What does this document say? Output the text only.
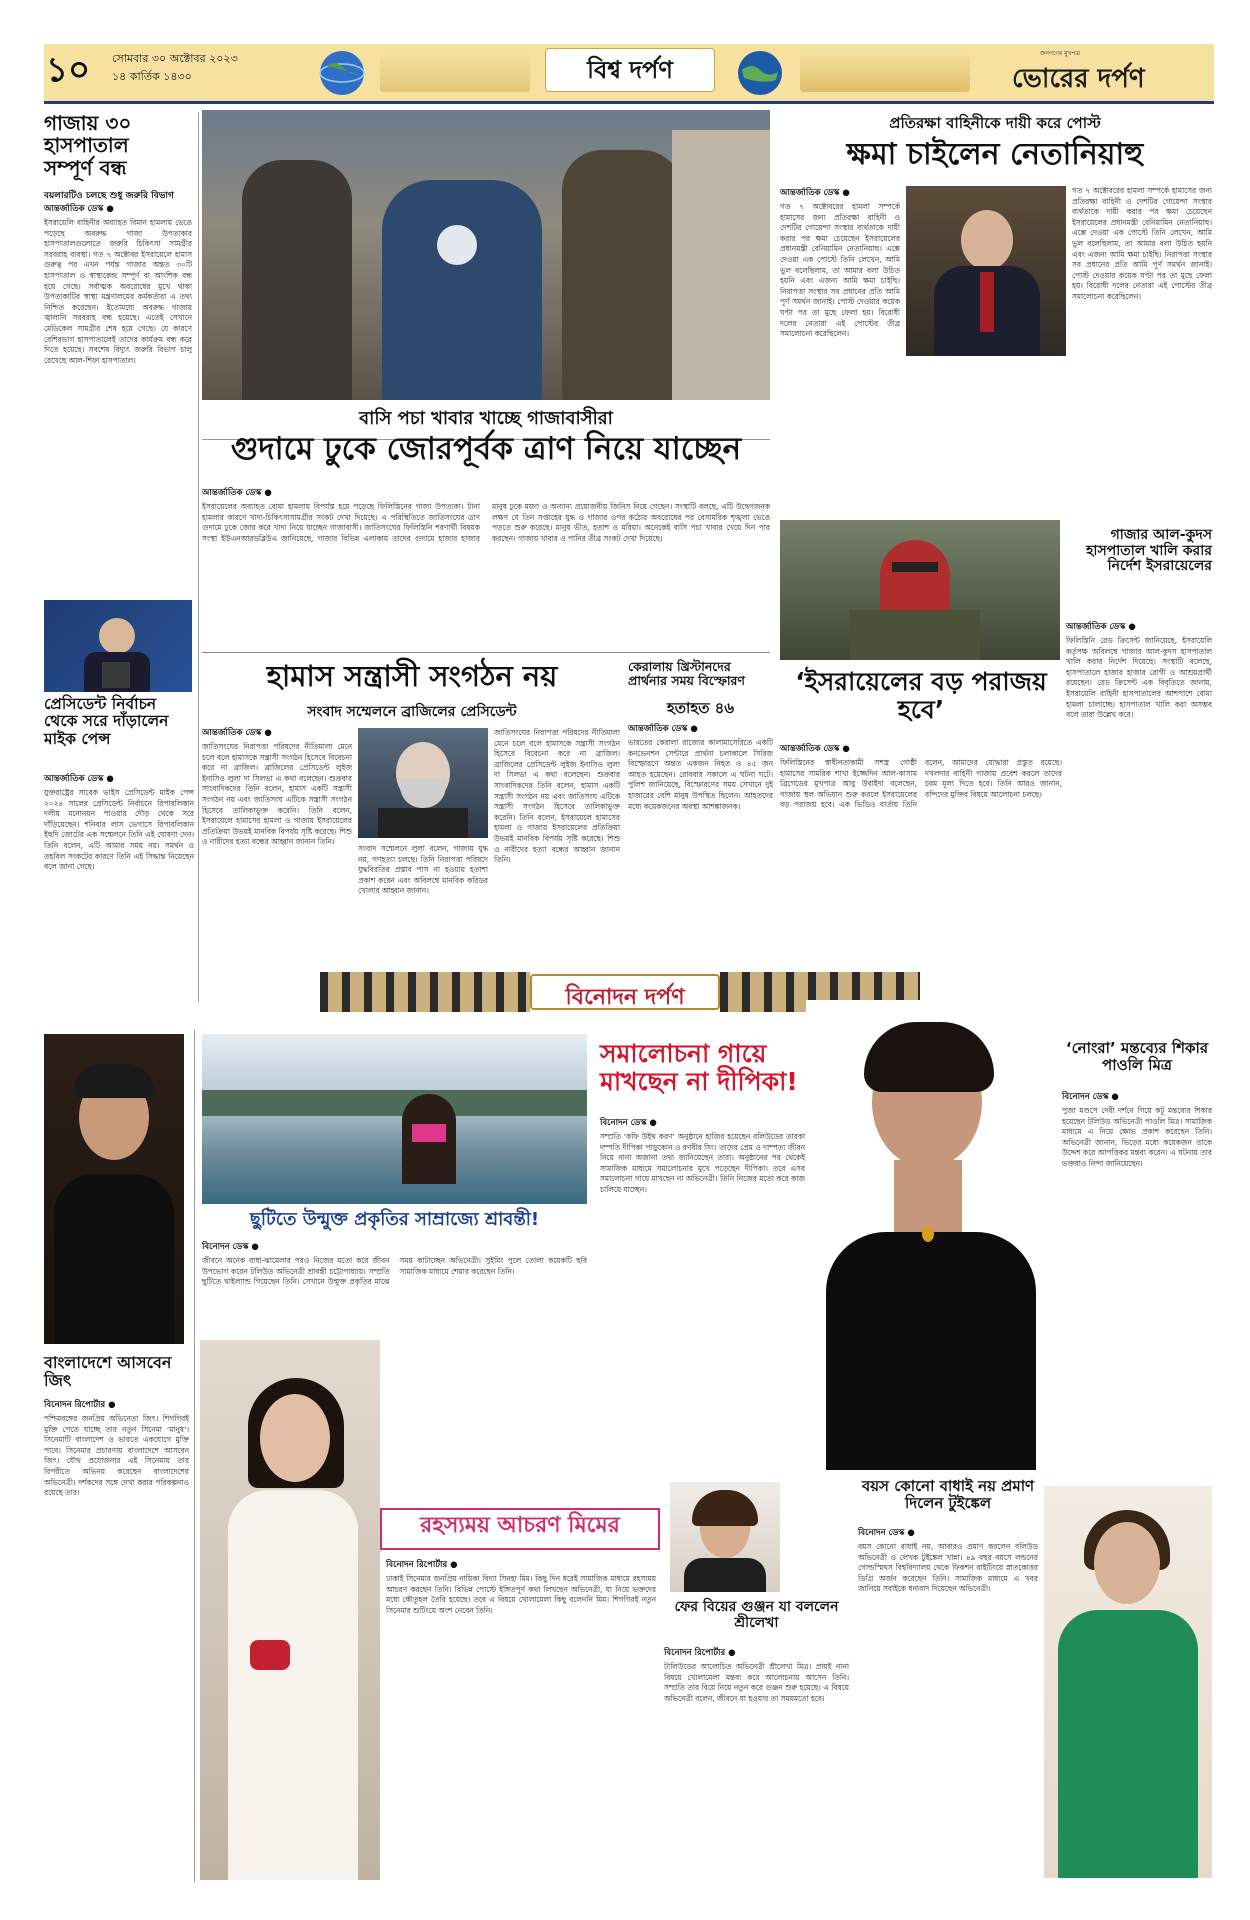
১০ সোমবার ৩০ অক্টোবর ২০২৩
১৪ কার্তিক ১৪৩০	বিশ্ব দর্পণ
জনগণের মুখপত্র
ভোরের দর্পণ
গাজায় ৩০ হাসপাতাল সম্পূর্ণ বন্ধ
বয়লারটিও চলছে শুধু জরুরি বিভাগ
আন্তর্জাতিক ডেস্ক ●
ইসরায়েলি বাহিনীর অব্যাহত বিমান হামলায় ভেঙে পড়েছে অবরুদ্ধ গাজা উপত্যকার হাসপাতালগুলোতে জরুরি চিকিৎসা সামগ্রীর সরবরাহ ব্যবস্থা। গত ৭ অক্টোবর ইসরায়েলে হামাস গুরুত্ব পর এখন পর্যন্ত গাজার অন্তত ৩০টি হাসপাতাল ও স্বাস্থ্যকেন্দ্র সম্পূর্ণ বা আংশিক বন্ধ হয়ে গেছে। সর্বাত্মক অবরোধের মুখে থাকা উপত্যকাটির স্বাস্থ্য মন্ত্রণালয়ের কর্মকর্তারা এ তথ্য নিশ্চিত করেছেন। ইতোমধ্যে অবরুদ্ধ গাজায় জ্বালানি সরবরাহ বন্ধ হয়েছে। এতেই সেখানে মেডিকেল সামগ্রীর শেষ হয়ে গেছে। যে কারণে বেশিরভাগ হাসপাতালেই তাদের কার্যক্রম বন্ধ করে দিতে হয়েছে। সবশেষ বিদ্যুৎ জরুরি বিভাগ চালু রেখেছে আল-শিফা হাসপাতাল।
প্রেসিডেন্ট নির্বাচন থেকে সরে দাঁড়ালেন মাইক পেন্স
আন্তর্জাতিক ডেস্ক ●
যুক্তরাষ্ট্রের সাবেক ভাইস প্রেসিডেন্ট মাইক পেন্স ২০২৪ সালের প্রেসিডেন্ট নির্বাচনে রিপাবলিকান দলীয় মনোনয়ন পাওয়ার দৌড় থেকে সরে দাঁড়িয়েছেন। শনিবার লাস ভেগাসে রিপাবলিকান ইহুদি জোটের এক সম্মেলনে তিনি এই ঘোষণা দেন। তিনি বলেন, এটি আমার সময় নয়। সমর্থন ও তহবিল সংকটের কারণে তিনি এই সিদ্ধান্ত নিয়েছেন বলে জানা গেছে।
বাসি পচা খাবার খাচ্ছে গাজাবাসীরা
গুদামে ঢুকে জোরপূর্বক ত্রাণ নিয়ে যাচ্ছেন
আন্তর্জাতিক ডেস্ক ●
ইসরায়েলের অব্যাহত বোমা হামলায় বিপর্যস্ত হয়ে পড়েছে ফিলিস্তিনের গাজা উপত্যকা। টানা হামলার কারণে খাদ্য-চিকিৎসাসামগ্রীর সংকট দেখা দিয়েছে। এ পরিস্থিতিতে জাতিসংঘের ত্রাণ গুদামে ঢুকে জোর করে খাদ্য নিয়ে যাচ্ছেন গাজাবাসী। জাতিসংঘের ফিলিস্তিনি শরণার্থী বিষয়ক সংস্থা ইউএনআরডব্লিউএ জানিয়েছে, গাজার বিভিন্ন এলাকায় তাদের গুদামে হাজার হাজার মানুষ ঢুকে ময়দা ও অন্যান্য প্রয়োজনীয় জিনিস নিয়ে গেছেন। সংস্থাটি বলছে, এটি উদ্বেগজনক লক্ষণ যে তিন সপ্তাহের যুদ্ধ ও গাজার ওপর কঠোর অবরোধের পর বেসামরিক শৃঙ্খলা ভেঙে পড়তে শুরু করেছে। মানুষ ভীত, হতাশ ও মরিয়া। অনেকেই বাসি পচা খাবার খেয়ে দিন পার করছেন। গাজায় খাবার ও পানির তীব্র সংকট দেখা দিয়েছে।
প্রতিরক্ষা বাহিনীকে দায়ী করে পোস্ট
ক্ষমা চাইলেন নেতানিয়াহু
আন্তর্জাতিক ডেস্ক ●
গত ৭ অক্টোবরের হামলা সম্পর্কে হামাসের জন্য প্রতিরক্ষা বাহিনী ও দেশটির গোয়েন্দা সংস্থার ব্যর্থতাকে দায়ী করার পর ক্ষমা চেয়েছেন ইসরায়েলের প্রধানমন্ত্রী বেনিয়ামিন নেতানিয়াহু। এক্সে দেওয়া এক পোস্টে তিনি লেখেন, আমি ভুল বলেছিলাম, তা আমার বলা উচিত হয়নি এবং এজন্য আমি ক্ষমা চাইছি। নিরাপত্তা সংস্থার সব প্রধানের প্রতি আমি পূর্ণ সমর্থন জানাই। পোস্ট দেওয়ার কয়েক ঘণ্টা পর তা মুছে ফেলা হয়। বিরোধী দলের নেতারা এই পোস্টের তীব্র সমালোচনা করেছিলেন।
গত ৭ অক্টোবরের হামলা সম্পর্কে হামাসের জন্য প্রতিরক্ষা বাহিনী ও দেশটির গোয়েন্দা সংস্থার ব্যর্থতাকে দায়ী করার পর ক্ষমা চেয়েছেন ইসরায়েলের প্রধানমন্ত্রী বেনিয়ামিন নেতানিয়াহু। এক্সে দেওয়া এক পোস্টে তিনি লেখেন, আমি ভুল বলেছিলাম, তা আমার বলা উচিত হয়নি এবং এজন্য আমি ক্ষমা চাইছি। নিরাপত্তা সংস্থার সব প্রধানের প্রতি আমি পূর্ণ সমর্থন জানাই। পোস্ট দেওয়ার কয়েক ঘণ্টা পর তা মুছে ফেলা হয়। বিরোধী দলের নেতারা এই পোস্টের তীব্র সমালোচনা করেছিলেন।
গাজার আল-কুদস হাসপাতাল খালি করার নির্দেশ ইসরায়েলের
আন্তর্জাতিক ডেস্ক ●
ফিলিস্তিনি রেড ক্রিসেন্ট জানিয়েছে, ইসরায়েলি কর্তৃপক্ষ অবিলম্বে গাজার আল-কুদস হাসপাতাল খালি করার নির্দেশ দিয়েছে। সংস্থাটি বলেছে, হাসপাতালে হাজার হাজার রোগী ও আশ্রয়প্রার্থী রয়েছেন। রেড ক্রিসেন্ট এক বিবৃতিতে জানায়, ইসরায়েলি বাহিনী হাসপাতালের আশপাশে বোমা হামলা চালাচ্ছে। হাসপাতাল খালি করা অসম্ভব বলে তারা উল্লেখ করে।
হামাস সন্ত্রাসী সংগঠন নয়
সংবাদ সম্মেলনে ব্রাজিলের প্রেসিডেন্ট
আন্তর্জাতিক ডেস্ক ●
জাতিসংঘের নিরাপত্তা পরিষদের নীতিমালা মেনে চলে বলে হামাসকে সন্ত্রাসী সংগঠন হিসেবে বিবেচনা করে না ব্রাজিল। ব্রাজিলের প্রেসিডেন্ট লুইজ ইনাসিও লুলা দা সিলভা এ কথা বলেছেন। শুক্রবার সাংবাদিকদের তিনি বলেন, হামাস একটি সন্ত্রাসী সংগঠন নয় এবং জাতিসংঘ এটিকে সন্ত্রাসী সংগঠন হিসেবে তালিকাভুক্ত করেনি। তিনি বলেন, ইসরায়েলে হামাসের হামলা ও গাজায় ইসরায়েলের প্রতিক্রিয়া উভয়ই মানবিক বিপর্যয় সৃষ্টি করেছে। শিশু ও নারীদের হত্যা বন্ধের আহ্বান জানান তিনি।
সংবাদ সম্মেলনে লুলা বলেন, গাজায় যুদ্ধ নয়, গণহত্যা চলছে। তিনি নিরাপত্তা পরিষদে যুদ্ধবিরতির প্রস্তাব পাস না হওয়ায় হতাশা প্রকাশ করেন এবং অবিলম্বে মানবিক করিডর খোলার আহ্বান জানান।
জাতিসংঘের নিরাপত্তা পরিষদের নীতিমালা মেনে চলে বলে হামাসকে সন্ত্রাসী সংগঠন হিসেবে বিবেচনা করে না ব্রাজিল। ব্রাজিলের প্রেসিডেন্ট লুইজ ইনাসিও লুলা দা সিলভা এ কথা বলেছেন। শুক্রবার সাংবাদিকদের তিনি বলেন, হামাস একটি সন্ত্রাসী সংগঠন নয় এবং জাতিসংঘ এটিকে সন্ত্রাসী সংগঠন হিসেবে তালিকাভুক্ত করেনি। তিনি বলেন, ইসরায়েলে হামাসের হামলা ও গাজায় ইসরায়েলের প্রতিক্রিয়া উভয়ই মানবিক বিপর্যয় সৃষ্টি করেছে। শিশু ও নারীদের হত্যা বন্ধের আহ্বান জানান তিনি।
কেরালায় খ্রিস্টানদের প্রার্থনার সময় বিস্ফোরণ
হতাহত ৪৬
আন্তর্জাতিক ডেস্ক ●
ভারতের কেরালা রাজ্যের কালামাসেরিতে একটি কনভেনশন সেন্টারে প্রার্থনা চলাকালে সিরিজ বিস্ফোরণে অন্তত একজন নিহত ও ৪৫ জন আহত হয়েছেন। রোববার সকালে এ ঘটনা ঘটে। পুলিশ জানিয়েছে, বিস্ফোরণের সময় সেখানে দুই হাজারের বেশি মানুষ উপস্থিত ছিলেন। আহতদের মধ্যে কয়েকজনের অবস্থা আশঙ্কাজনক।
‘ইসরায়েলের বড় পরাজয় হবে’
আন্তর্জাতিক ডেস্ক ●
ফিলিস্তিনের স্বাধীনতাকামী সশস্ত্র গোষ্ঠী হামাসের সামরিক শাখা ইজ্জেদিন আল-কাসাম ব্রিগেডের মুখপাত্র আবু উবাইদা বলেছেন, গাজায় স্থল অভিযান শুরু করলে ইসরায়েলের বড় পরাজয় হবে। এক ভিডিও বার্তায় তিনি বলেন, আমাদের যোদ্ধারা প্রস্তুত রয়েছে। দখলদার বাহিনী গাজায় প্রবেশ করলে তাদের চরম মূল্য দিতে হবে। তিনি আরও জানান, বন্দিদের মুক্তির বিষয়ে আলোচনা চলছে।
বিনোদন দর্পণ
বাংলাদেশে আসবেন জিৎ
বিনোদন রিপোর্টার ●
পশ্চিমবঙ্গের জনপ্রিয় অভিনেতা জিৎ। শিগগিরই মুক্তি পেতে যাচ্ছে তার নতুন সিনেমা ‘মানুষ’। সিনেমাটি বাংলাদেশ ও ভারতে একযোগে মুক্তি পাবে। সিনেমার প্রচারণায় বাংলাদেশে আসবেন জিৎ। যৌথ প্রযোজনার এই সিনেমায় তার বিপরীতে অভিনয় করেছেন বাংলাদেশের অভিনেত্রী। দর্শকদের সঙ্গে দেখা করার পরিকল্পনাও রয়েছে তার।
ছুটিতে উন্মুক্ত প্রকৃতির সাম্রাজ্যে শ্রাবন্তী!
বিনোদন ডেস্ক ●
জীবনে অনেক বাধা-ঝামেলার পরও নিজের মতো করে জীবন উপভোগ করেন টলিউড অভিনেত্রী শ্রাবন্তী চট্টোপাধ্যায়। সম্প্রতি ছুটিতে থাইল্যান্ড গিয়েছেন তিনি। সেখানে উন্মুক্ত প্রকৃতির মাঝে সময় কাটাচ্ছেন অভিনেত্রী। সুইমিং পুলে তোলা কয়েকটি ছবি সামাজিক মাধ্যমে শেয়ার করেছেন তিনি।
সমালোচনা গায়ে মাখছেন না দীপিকা!
বিনোদন ডেস্ক ●
সম্প্রতি ‘কফি উইথ করণ’ অনুষ্ঠানে হাজির হয়েছেন বলিউডের তারকা দম্পতি দীপিকা পাড়ুকোন ও রণবীর সিং। তাদের প্রেম ও দাম্পত্য জীবন নিয়ে নানা অজানা তথ্য জানিয়েছেন তারা। অনুষ্ঠানের পর থেকেই সামাজিক মাধ্যমে সমালোচনার মুখে পড়েছেন দীপিকা। তবে এসব সমালোচনা গায়ে মাখছেন না অভিনেত্রী। তিনি নিজের মতো করে কাজ চালিয়ে যাচ্ছেন।
‘নোংরা’ মন্তব্যের শিকার পাওলি মিত্র
বিনোদন ডেস্ক ●
পুজা মণ্ডপে দেবী দর্শনে গিয়ে কটূ মন্তব্যের শিকার হয়েছেন টলিউড অভিনেত্রী পাওলি মিত্র। সামাজিক মাধ্যমে এ নিয়ে ক্ষোভ প্রকাশ করেছেন তিনি। অভিনেত্রী জানান, ভিড়ের মধ্যে কয়েকজন তাকে উদ্দেশ করে আপত্তিকর মন্তব্য করেন। এ ঘটনায় তার ভক্তরাও নিন্দা জানিয়েছেন।
রহস্যময় আচরণ মিমের
বিনোদন রিপোর্টার ●
ঢাকাই সিনেমার জনপ্রিয় নায়িকা বিদ্যা সিনহা মিম। কিছু দিন ধরেই সামাজিক মাধ্যমে রহস্যময় আচরণ করছেন তিনি। বিভিন্ন পোস্টে ইঙ্গিতপূর্ণ কথা লিখছেন অভিনেত্রী, যা নিয়ে ভক্তদের মধ্যে কৌতূহল তৈরি হয়েছে। তবে এ বিষয়ে খোলামেলা কিছু বলেননি মিম। শিগগিরই নতুন সিনেমার শুটিংয়ে অংশ নেবেন তিনি।	ফের বিয়ের গুঞ্জন যা বললেন শ্রীলেখা
বিনোদন রিপোর্টার ●
টালিউডের আলোচিত অভিনেত্রী শ্রীলেখা মিত্র। প্রায়ই নানা বিষয়ে খোলামেলা মন্তব্য করে আলোচনায় আসেন তিনি। সম্প্রতি তার বিয়ে নিয়ে নতুন করে গুঞ্জন শুরু হয়েছে। এ বিষয়ে অভিনেত্রী বলেন, জীবনে যা হওয়ার তা সময়মতো হবে।
বয়স কোনো বাধাই নয় প্রমাণ দিলেন টুইঙ্কেল
বিনোদন ডেস্ক ●
বয়স কোনো বাধাই নয়, আবারও প্রমাণ করলেন বলিউড অভিনেত্রী ও লেখক টুইঙ্কেল খান্না। ৪৯ বছর বয়সে লন্ডনের গোল্ডস্মিথস বিশ্ববিদ্যালয় থেকে ফিকশন রাইটিংয়ে স্নাতকোত্তর ডিগ্রি অর্জন করেছেন তিনি। সামাজিক মাধ্যমে এ খবর জানিয়ে সবাইকে ধন্যবাদ দিয়েছেন অভিনেত্রী।
